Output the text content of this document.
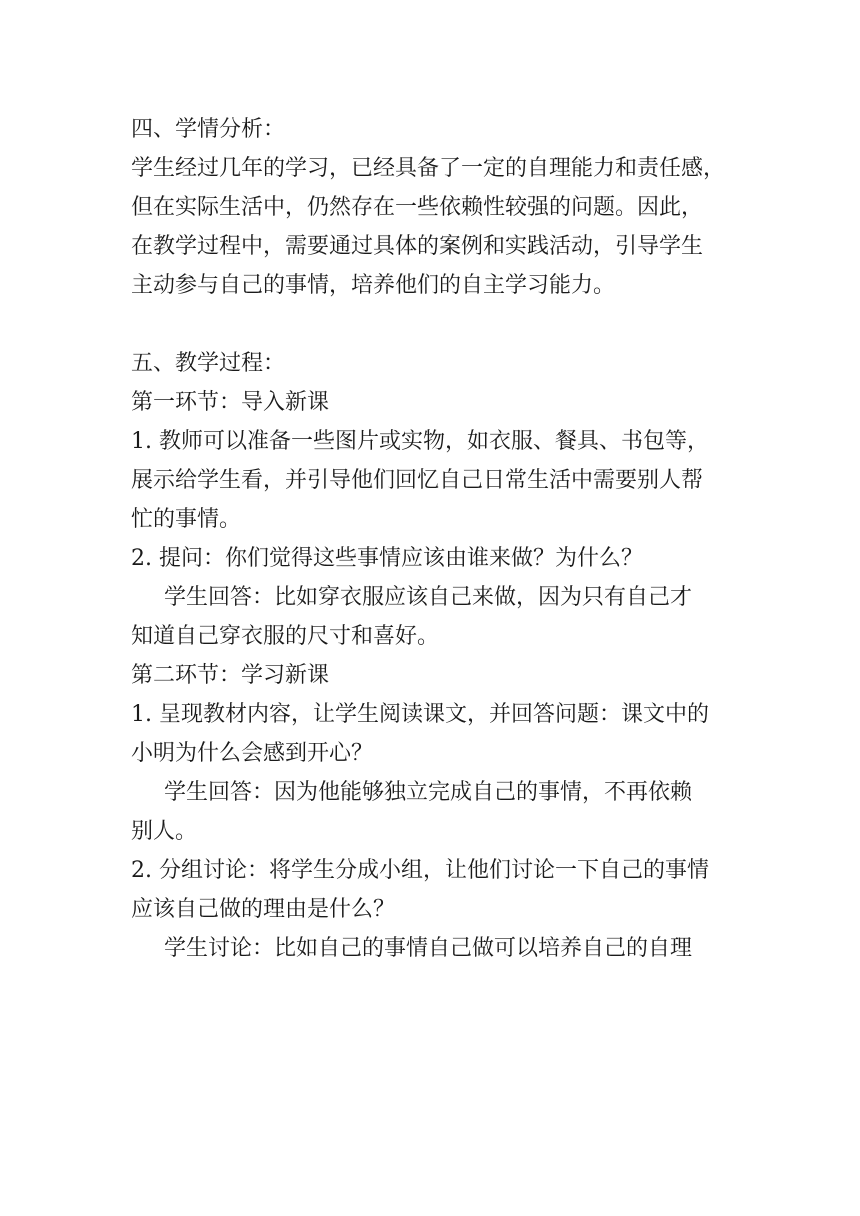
四、学情分析：
学生经过几年的学习，已经具备了一定的自理能力和责任感，
但在实际生活中，仍然存在一些依赖性较强的问题。因此，
在教学过程中，需要通过具体的案例和实践活动，引导学生
主动参与自己的事情，培养他们的自主学习能力。
五、教学过程：
第一环节：导入新课
1. 教师可以准备一些图片或实物，如衣服、餐具、书包等，
展示给学生看，并引导他们回忆自己日常生活中需要别人帮
忙的事情。
2. 提问：你们觉得这些事情应该由谁来做？为什么？
学生回答：比如穿衣服应该自己来做，因为只有自己才
知道自己穿衣服的尺寸和喜好。
第二环节：学习新课
1. 呈现教材内容，让学生阅读课文，并回答问题：课文中的
小明为什么会感到开心？
学生回答：因为他能够独立完成自己的事情，不再依赖
别人。
2. 分组讨论：将学生分成小组，让他们讨论一下自己的事情
应该自己做的理由是什么？
学生讨论：比如自己的事情自己做可以培养自己的自理
